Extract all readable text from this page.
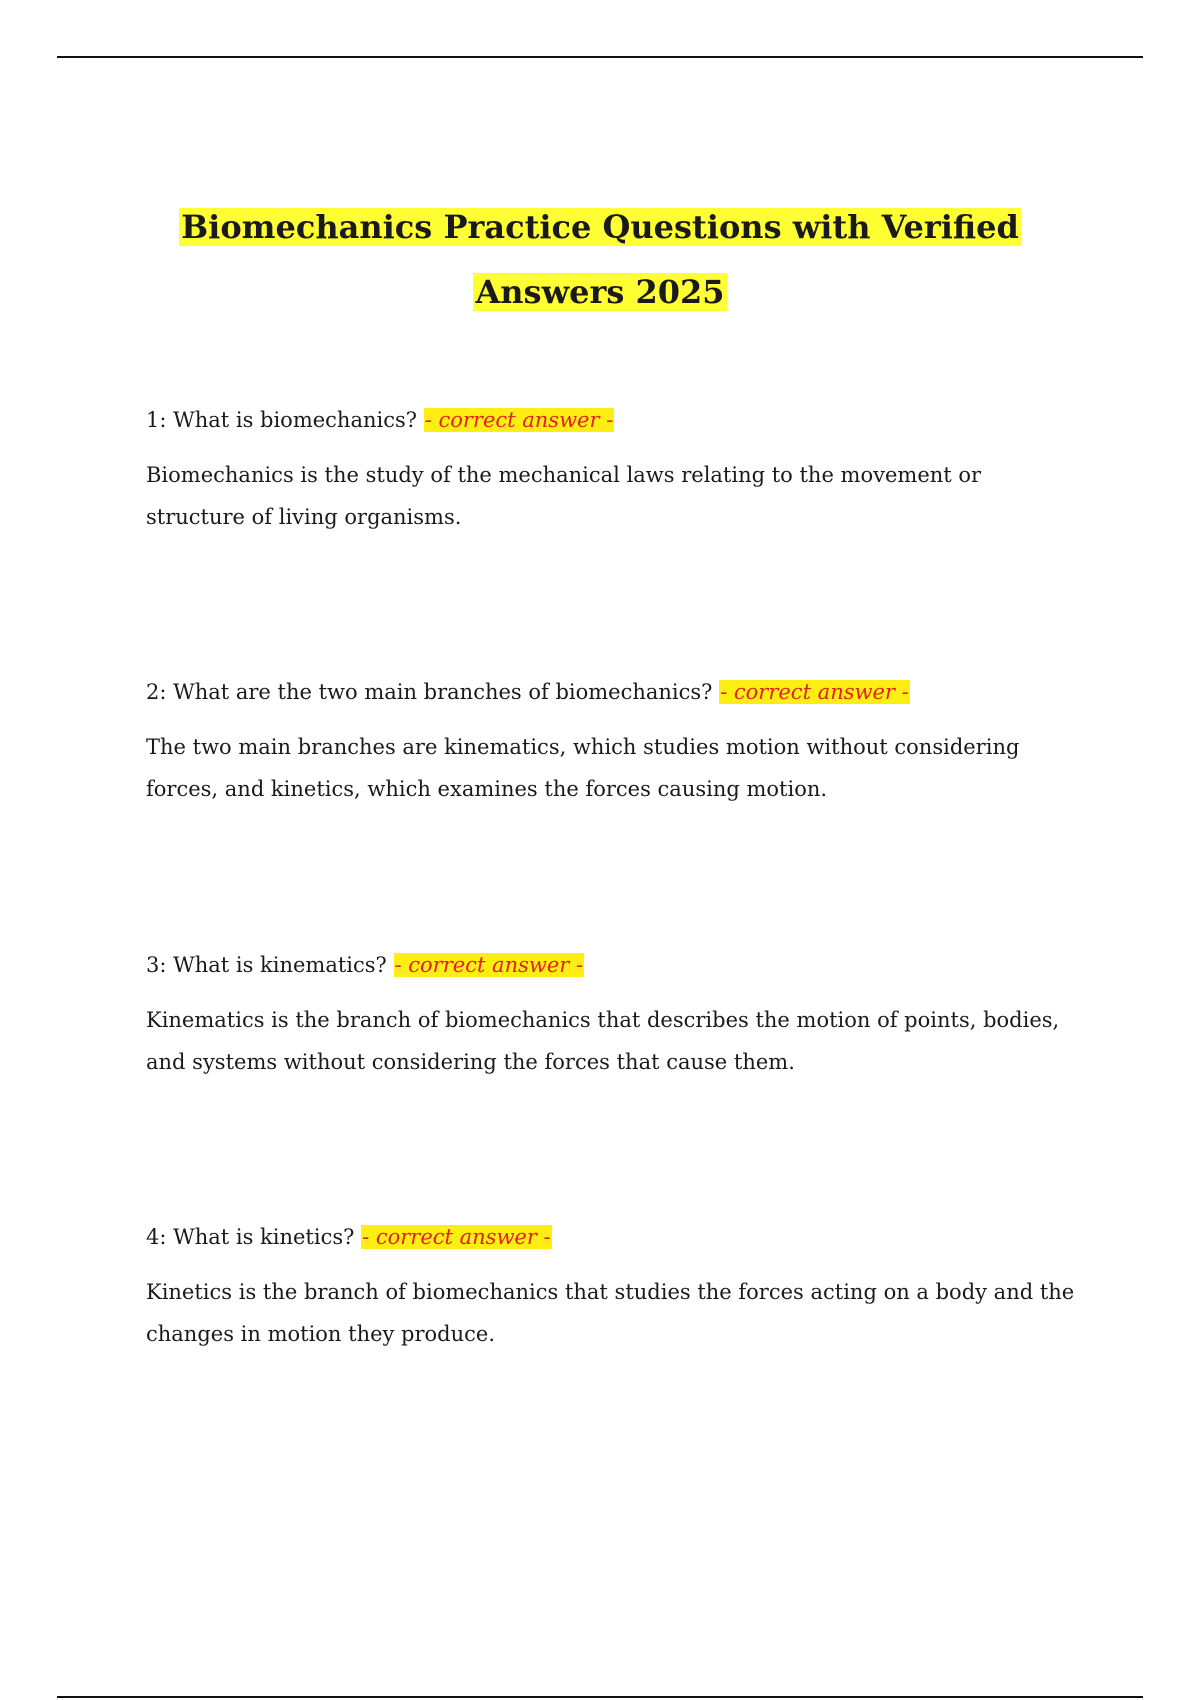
Biomechanics Practice Questions with Verified
Answers 2025

1: What is biomechanics? - correct answer -

Biomechanics is the study of the mechanical laws relating to the movement or structure of living organisms.

2: What are the two main branches of biomechanics? - correct answer -

The two main branches are kinematics, which studies motion without considering forces, and kinetics, which examines the forces causing motion.

3: What is kinematics? - correct answer -

Kinematics is the branch of biomechanics that describes the motion of points, bodies, and systems without considering the forces that cause them.

4: What is kinetics? - correct answer -

Kinetics is the branch of biomechanics that studies the forces acting on a body and the changes in motion they produce.
